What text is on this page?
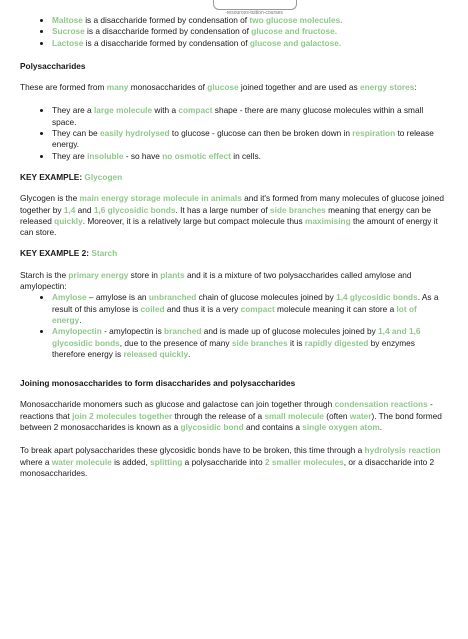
-resources-tuition-courses
• Maltose is a disaccharide formed by condensation of two glucose molecules.
• Sucrose is a disaccharide formed by condensation of glucose and fructose.
• Lactose is a disaccharide formed by condensation of glucose and galactose.
Polysaccharides

These are formed from many monosaccharides of glucose joined together and are used as energy stores:

• They are a large molecule with a compact shape - there are many glucose molecules within a small space.
• They can be easily hydrolysed to glucose - glucose can then be broken down in respiration to release energy.
• They are insoluble - so have no osmotic effect in cells.
KEY EXAMPLE: Glycogen

Glycogen is the main energy storage molecule in animals and it's formed from many molecules of glucose joined together by 1,4 and 1,6 glycosidic bonds. It has a large number of side branches meaning that energy can be released quickly. Moreover, it is a relatively large but compact molecule thus maximising the amount of energy it can store.

KEY EXAMPLE 2: Starch

Starch is the primary energy store in plants and it is a mixture of two polysaccharides called amylose and amylopectin:

• Amylose – amylose is an unbranched chain of glucose molecules joined by 1,4 glycosidic bonds. As a result of this amylose is coiled and thus it is a very compact molecule meaning it can store a lot of energy.
• Amylopectin - amylopectin is branched and is made up of glucose molecules joined by 1,4 and 1,6 glycosidic bonds, due to the presence of many side branches it is rapidly digested by enzymes therefore energy is released quickly.
Joining monosaccharides to form disaccharides and polysaccharides

Monosaccharide monomers such as glucose and galactose can join together through condensation reactions - reactions that join 2 molecules together through the release of a small molecule (often water). The bond formed between 2 monosaccharides is known as a glycosidic bond and contains a single oxygen atom.

To break apart polysaccharides these glycosidic bonds have to be broken, this time through a hydrolysis reaction where a water molecule is added, splitting a polysaccharide into 2 smaller molecules, or a disaccharide into 2 monosaccharides.
